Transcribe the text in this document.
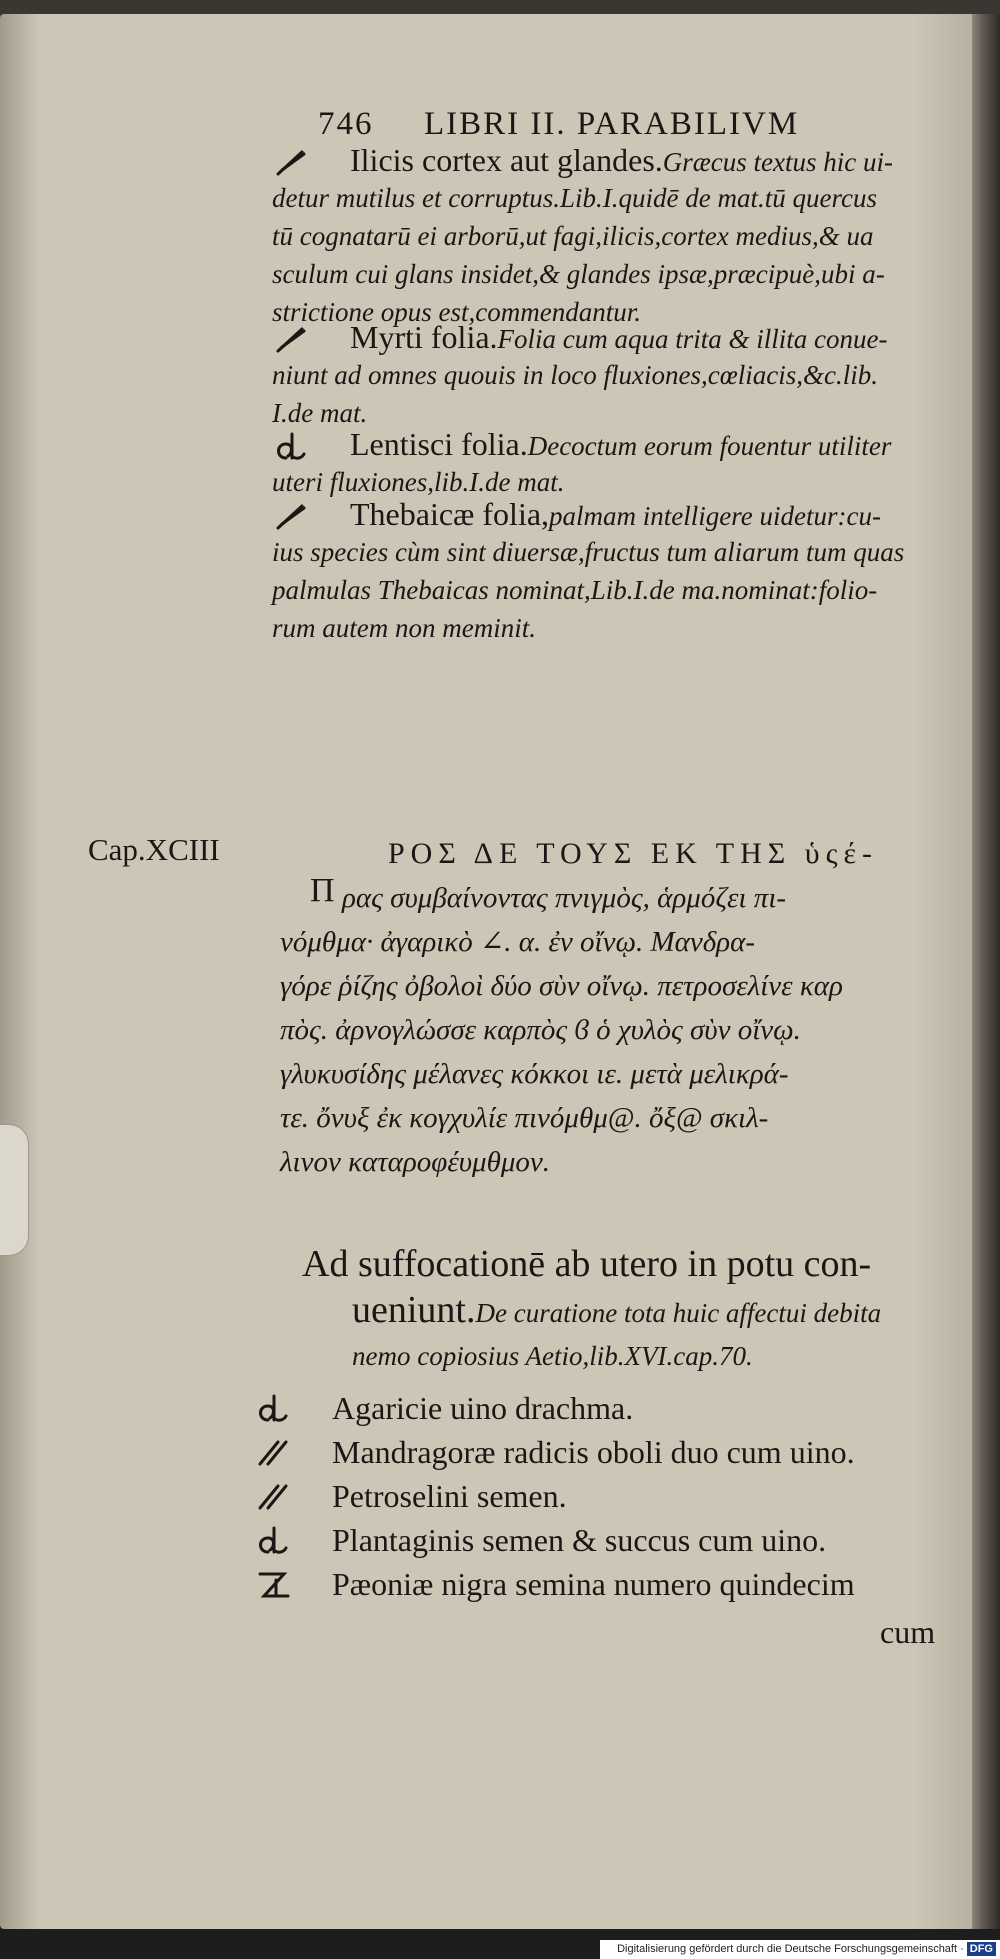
746 LIBRI II. PARABILIVM
Ilicis cortex aut glandes.Græcus textus hic ui-
detur mutilus et corruptus.Lib.I.quidē de mat.tū quercus
tū cognatarū ei arborū,ut fagi,ilicis,cortex medius,& ua
sculum cui glans insidet,& glandes ipsæ,præcipuè,ubi a-
strictione opus est,commendantur.
Myrti folia.Folia cum aqua trita & illita conue-
niunt ad omnes quouis in loco fluxiones,cœliacis,&c.lib.
I.de mat.
Lentisci folia.Decoctum eorum fouentur utiliter
uteri fluxiones,lib.I.de mat.
Thebaicæ folia,palmam intelligere uidetur:cu-
ius species cùm sint diuersæ,fructus tum aliarum tum quas
palmulas Thebaicas nominat,Lib.I.de ma.nominat:folio-
rum autem non meminit.
Cap.XCIII
Π
ΡΟΣ ΔΕ ΤΟΥΣ ΕΚ ΤΗΣ ὑςέ-
ρας συμβαίνοντας πνιγμὸς, ἁρμόζει πι-
νόμθμα· ἀγαρικὸ ∠. α. ἐν οἴνῳ. Μανδρα-
γόρε ῥίζης ὀβολοὶ δύο σὺν οἴνῳ. πετροσελίνε καρ
πὸς. ἀρνογλώσσε καρπὸς ϐ ὁ χυλὸς σὺν οἴνῳ.
γλυκυσίδης μέλανες κόκκοι ιε. μετὰ μελικρά-
τε. ὄνυξ ἐκ κογχυλίε πινόμθμ@. ὄξ@ σκιλ-
λινον καταροφέυμθμον.
Ad suffocationē ab utero in potu con-
ueniunt.De curatione tota huic affectui debita
nemo copiosius Aetio,lib.XVI.cap.70.
Agaricie uino drachma.
Mandragoræ radicis oboli duo cum uino.
Petroselini semen.
Plantaginis semen & succus cum uino.
Pæoniæ nigra semina numero quindecim
cum
Digitalisierung gefördert durch die Deutsche Forschungsgemeinschaft · DFG
